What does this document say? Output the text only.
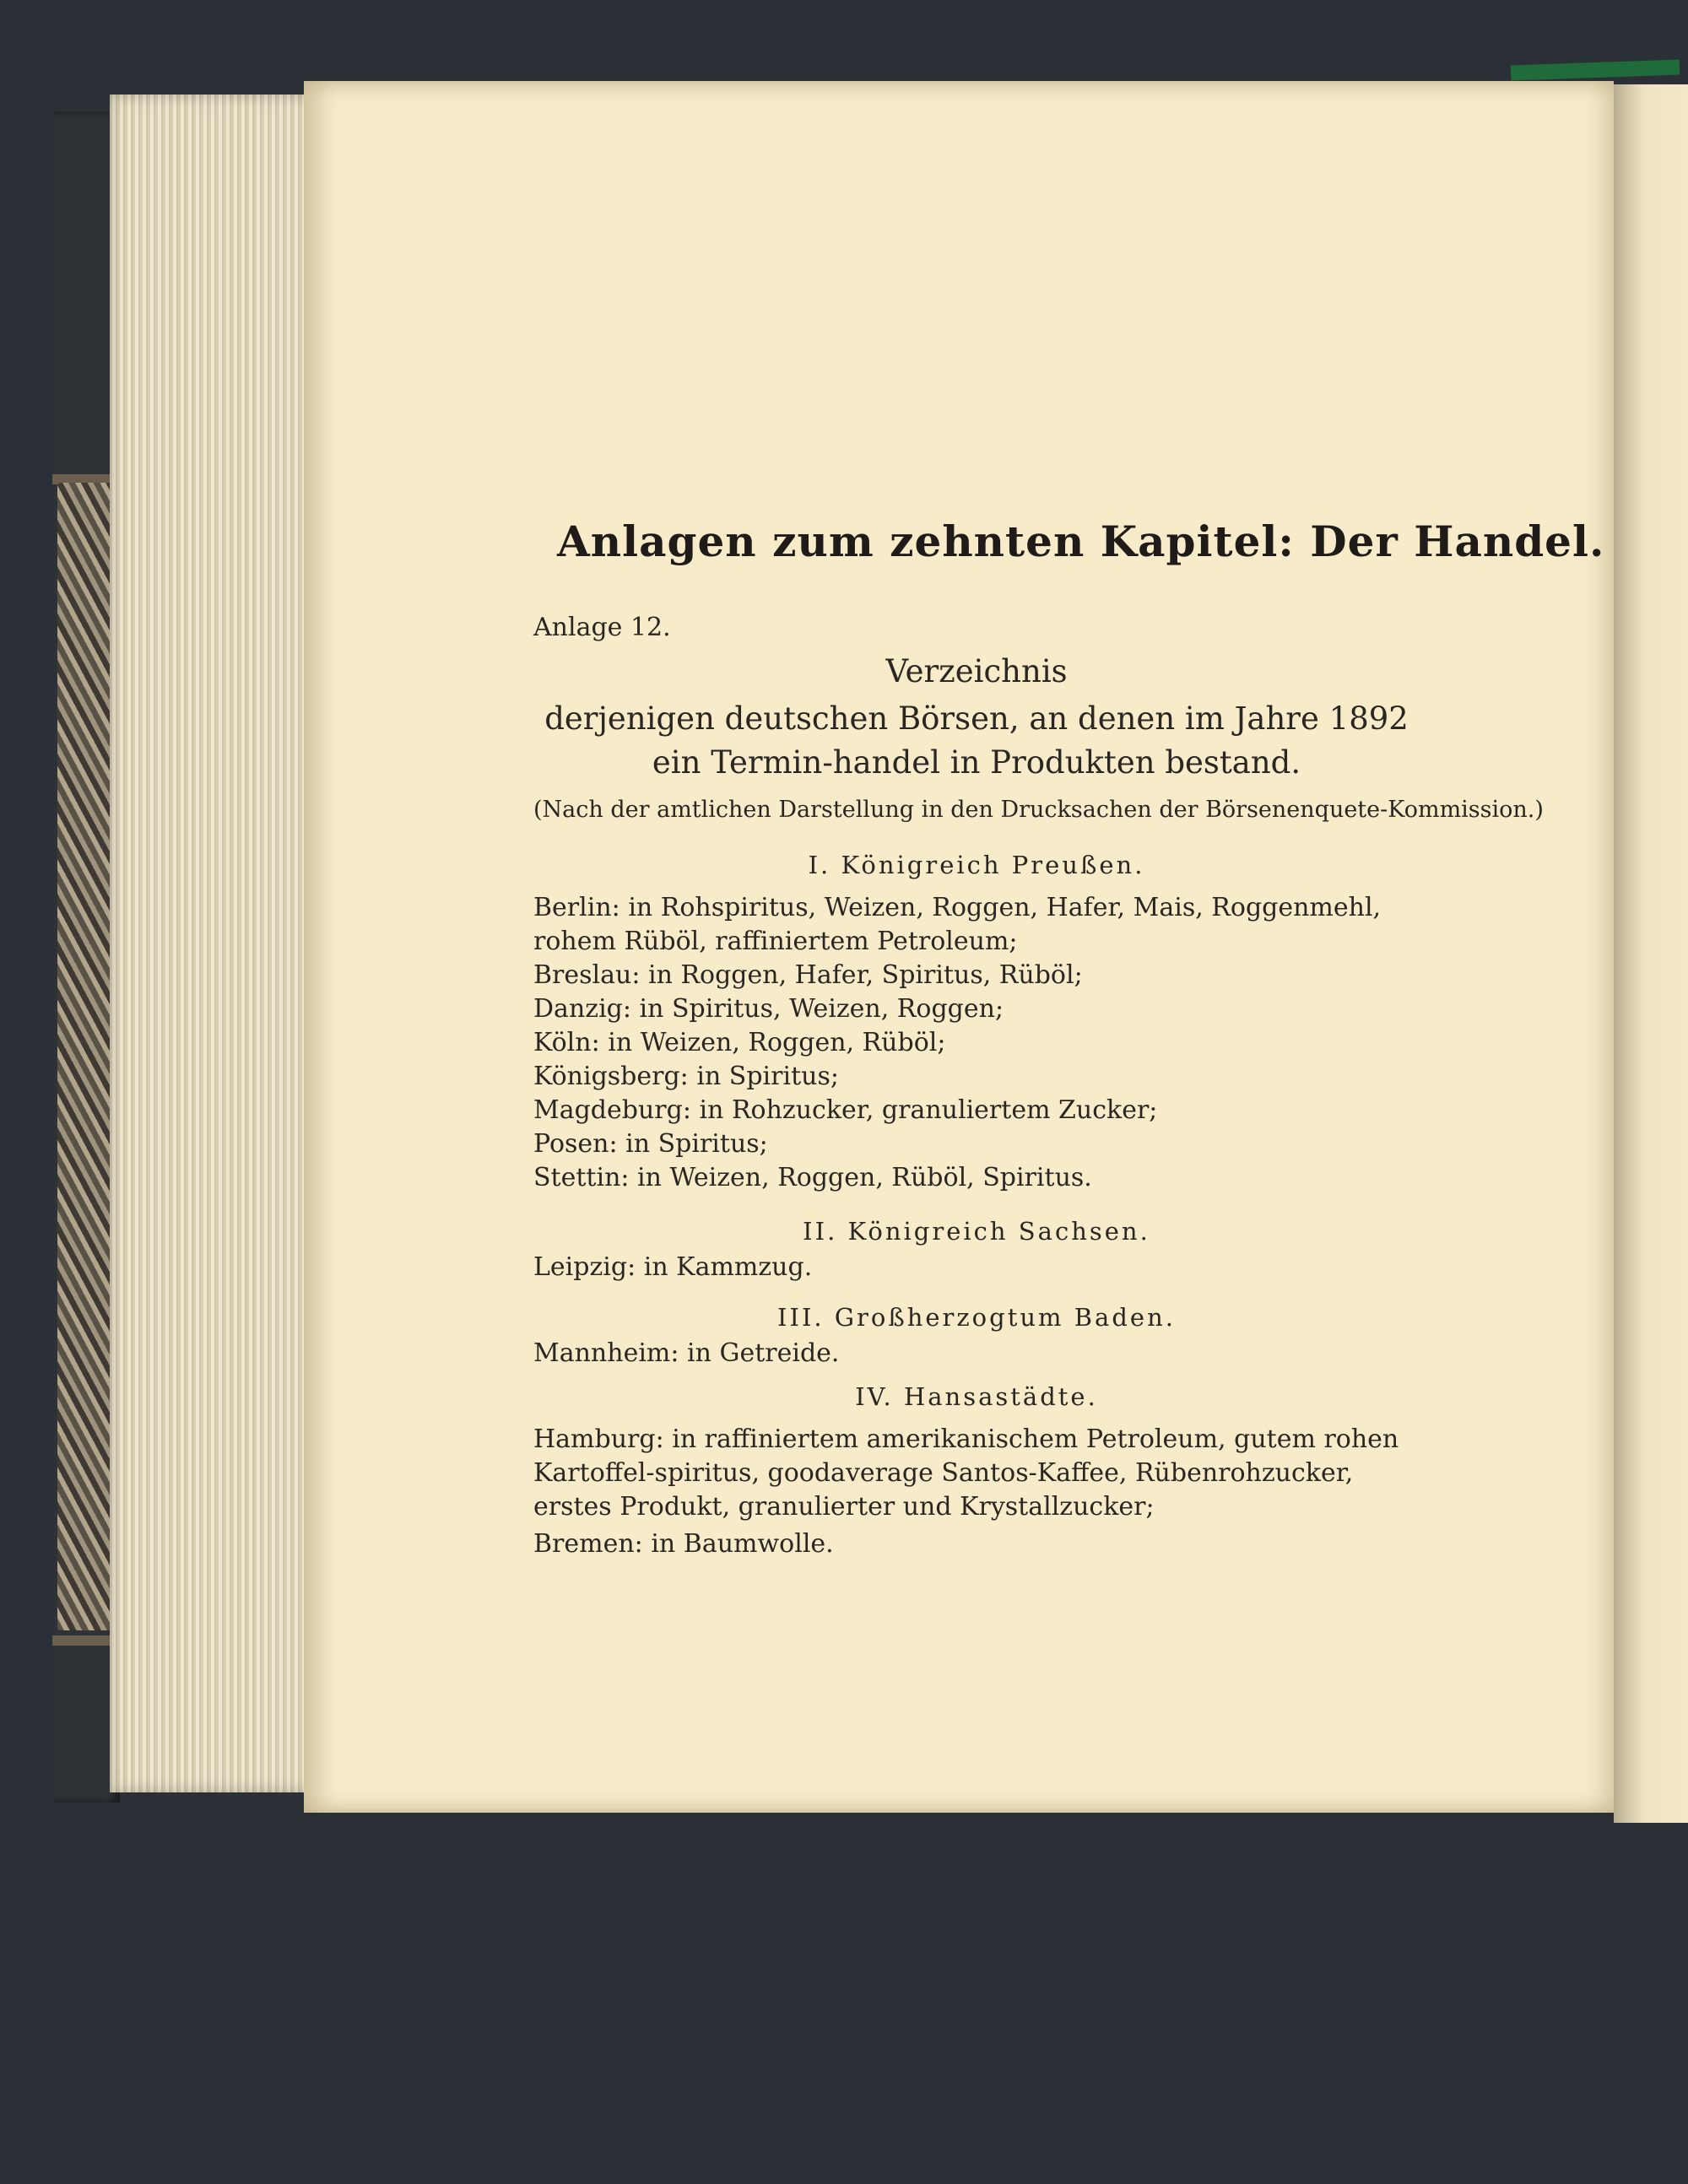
Anlagen zum zehnten Kapitel: Der Handel.

Anlage 12.

Verzeichnis

derjenigen deutschen Börsen, an denen im Jahre 1892 ein Termin-handel in Produkten bestand.

(Nach der amtlichen Darstellung in den Drucksachen der Börsenenquete-Kommission.)

I. Königreich Preußen.

Berlin: in Rohspiritus, Weizen, Roggen, Hafer, Mais, Roggenmehl, rohem Rüböl, raffiniertem Petroleum;
Breslau: in Roggen, Hafer, Spiritus, Rüböl;
Danzig: in Spiritus, Weizen, Roggen;
Köln: in Weizen, Roggen, Rüböl;
Königsberg: in Spiritus;
Magdeburg: in Rohzucker, granuliertem Zucker;
Posen: in Spiritus;
Stettin: in Weizen, Roggen, Rüböl, Spiritus.

II. Königreich Sachsen.

Leipzig: in Kammzug.

III. Großherzogtum Baden.

Mannheim: in Getreide.

IV. Hansastädte.

Hamburg: in raffiniertem amerikanischem Petroleum, gutem rohen Kartoffel-spiritus, goodaverage Santos-Kaffee, Rübenrohzucker, erstes Produkt, granulierter und Krystallzucker;
Bremen: in Baumwolle.
